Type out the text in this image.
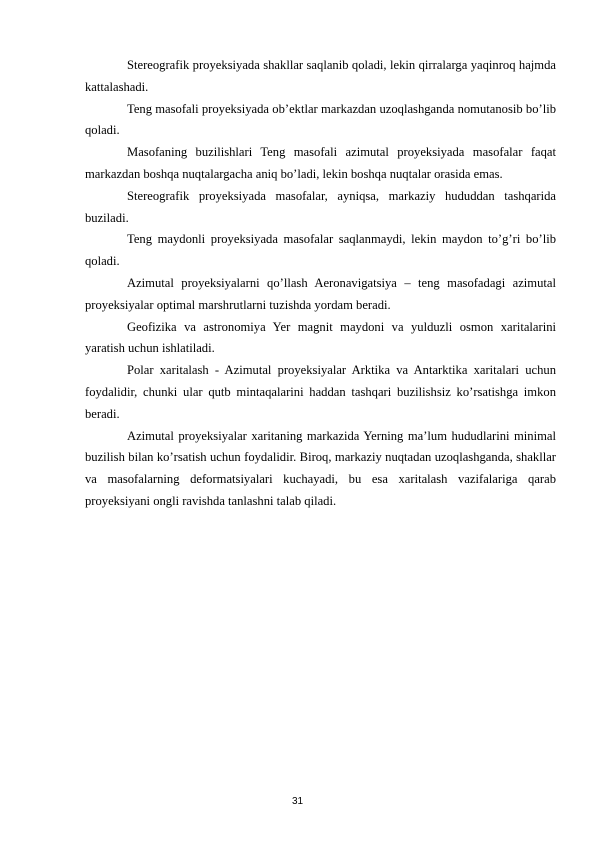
Stereografik proyeksiyada shakllar saqlanib qoladi, lekin qirralarga yaqinroq hajmda kattalashadi.

Teng masofali proyeksiyada ob’ektlar markazdan uzoqlashganda nomutanosib bo’lib qoladi.

Masofaning buzilishlari Teng masofali azimutal proyeksiyada masofalar faqat markazdan boshqa nuqtalargacha aniq bo’ladi, lekin boshqa nuqtalar orasida emas.

Stereografik proyeksiyada masofalar, ayniqsa, markaziy hududdan tashqarida buziladi.

Teng maydonli proyeksiyada masofalar saqlanmaydi, lekin maydon to’g’ri bo’lib qoladi.

Azimutal proyeksiyalarni qo’llash Aeronavigatsiya – teng masofadagi azimutal proyeksiyalar optimal marshrutlarni tuzishda yordam beradi.

Geofizika va astronomiya Yer magnit maydoni va yulduzli osmon xaritalarini yaratish uchun ishlatiladi.

Polar xaritalash - Azimutal proyeksiyalar Arktika va Antarktika xaritalari uchun foydalidir, chunki ular qutb mintaqalarini haddan tashqari buzilishsiz ko’rsatishga imkon beradi.

Azimutal proyeksiyalar xaritaning markazida Yerning ma’lum hududlarini minimal buzilish bilan ko’rsatish uchun foydalidir. Biroq, markaziy nuqtadan uzoqlashganda, shakllar va masofalarning deformatsiyalari kuchayadi, bu esa xaritalash vazifalariga qarab proyeksiyani ongli ravishda tanlashni talab qiladi.

31
